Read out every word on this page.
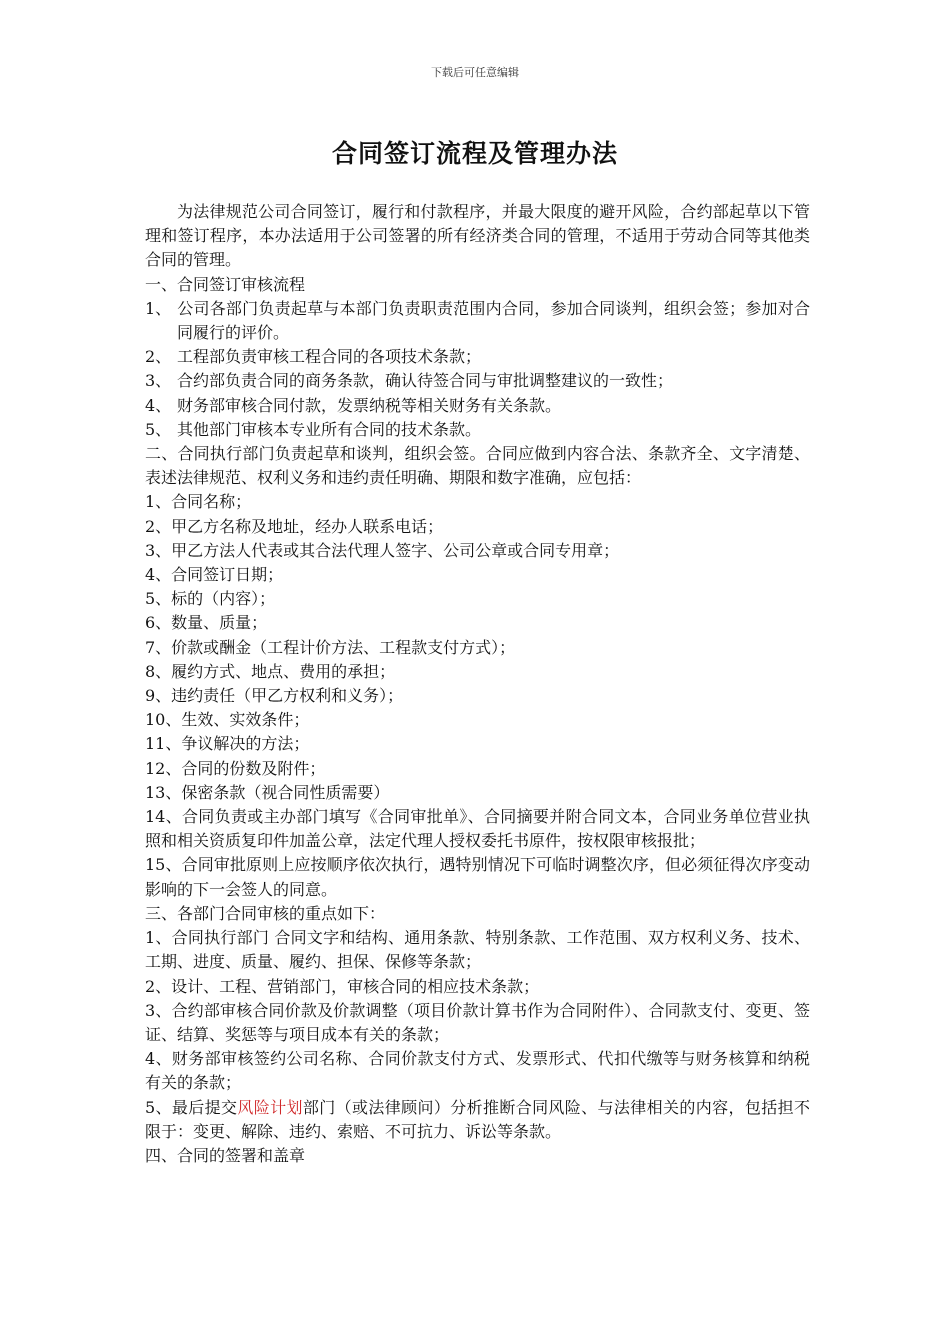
下载后可任意编辑
合同签订流程及管理办法

为法律规范公司合同签订，履行和付款程序，并最大限度的避开风险，合约部起草以下管理和签订程序，本办法适用于公司签署的所有经济类合同的管理，不适用于劳动合同等其他类合同的管理。

一、合同签订审核流程

1、 公司各部门负责起草与本部门负责职责范围内合同，参加合同谈判，组织会签；参加对合同履行的评价。

2、 工程部负责审核工程合同的各项技术条款；

3、 合约部负责合同的商务条款，确认待签合同与审批调整建议的一致性；

4、 财务部审核合同付款，发票纳税等相关财务有关条款。

5、 其他部门审核本专业所有合同的技术条款。

二、合同执行部门负责起草和谈判，组织会签。合同应做到内容合法、条款齐全、文字清楚、表述法律规范、权利义务和违约责任明确、期限和数字准确，应包括：

1、合同名称；

2、甲乙方名称及地址，经办人联系电话；

3、甲乙方法人代表或其合法代理人签字、公司公章或合同专用章；

4、合同签订日期；

5、标的（内容）；

6、数量、质量；

7、价款或酬金（工程计价方法、工程款支付方式）；

8、履约方式、地点、费用的承担；

9、违约责任（甲乙方权利和义务）；

10、生效、实效条件；

11、争议解决的方法；

12、合同的份数及附件；

13、保密条款（视合同性质需要）

14、合同负责或主办部门填写《合同审批单》、合同摘要并附合同文本，合同业务单位营业执照和相关资质复印件加盖公章，法定代理人授权委托书原件，按权限审核报批；

15、合同审批原则上应按顺序依次执行，遇特别情况下可临时调整次序，但必须征得次序变动影响的下一会签人的同意。

三、各部门合同审核的重点如下：

1、合同执行部门 合同文字和结构、通用条款、特别条款、工作范围、双方权利义务、技术、工期、进度、质量、履约、担保、保修等条款；

2、设计、工程、营销部门，审核合同的相应技术条款；

3、合约部审核合同价款及价款调整（项目价款计算书作为合同附件）、合同款支付、变更、签证、结算、奖惩等与项目成本有关的条款；

4、财务部审核签约公司名称、合同价款支付方式、发票形式、代扣代缴等与财务核算和纳税有关的条款；

5、最后提交风险计划部门（或法律顾问）分析推断合同风险、与法律相关的内容，包括担不限于：变更、解除、违约、索赔、不可抗力、诉讼等条款。

四、合同的签署和盖章
